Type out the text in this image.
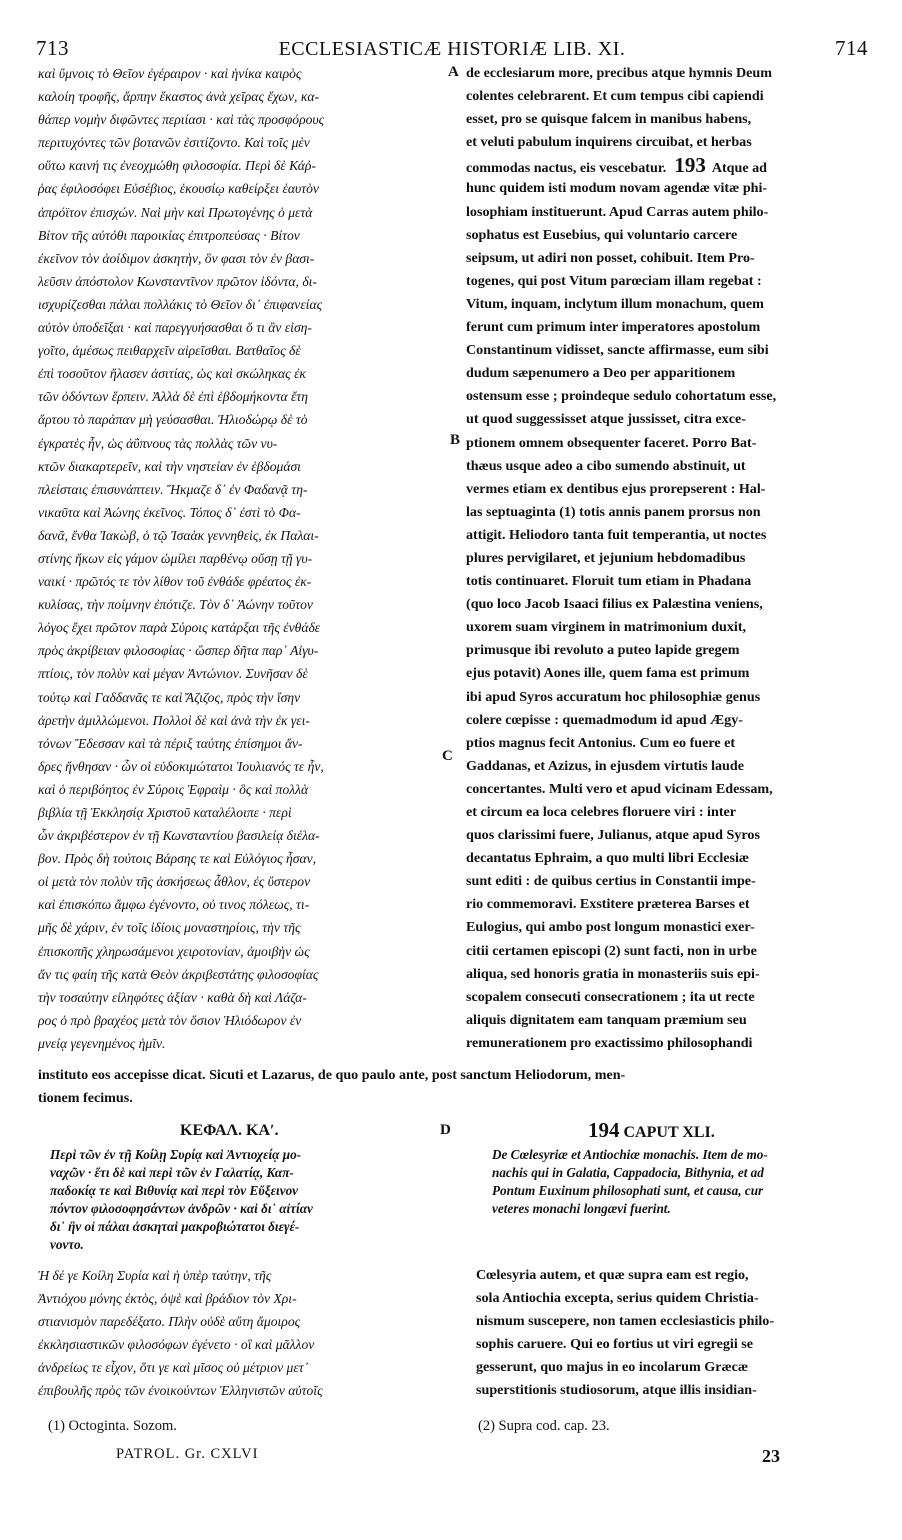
713	ECCLESIASTICÆ HISTORIÆ LIB. XI.	714
καὶ ὕμνοις τὸ Θεῖον ἐγέραιρον · καὶ ἡνίκα καιρὸς
καλοίη τροφῆς, ἄρπην ἕκαστος ἀνὰ χεῖρας ἔχων, κα-
θάπερ νομὴν διφῶντες περιίασι · καὶ τὰς προσφόρους
περιτυχόντες τῶν βοτανῶν ἐσιτίζοντο. Καὶ τοῖς μὲν
οὕτω καινή τις ἐνεοχμώθη φιλοσοφία. Περὶ δὲ Κάῤ-
ῥας ἐφιλοσόφει Εὐσέβιος, ἑκουσίῳ καθείρξει ἑαυτὸν
ἀπρόϊτον ἐπισχών. Ναὶ μὴν καὶ Πρωτογένης ὁ μετὰ
Βίτον τῆς αὐτόθι παροικίας ἐπιτροπεύσας · Βίτον
ἐκεῖνον τὸν ἀοίδιμον ἀσκητὴν, ὃν φασι τὸν ἐν βασι-
λεῦσιν ἀπόστολον Κωνσταντῖνον πρῶτον ἰδόντα, δι-
ισχυρίζεσθαι πάλαι πολλάκις τὸ Θεῖον δι᾽ ἐπιφανείας
αὐτὸν ὑποδεῖξαι · καὶ παρεγγυήσασθαι ὅ τι ἂν εἰση-
γοῖτο, ἀμέσως πειθαρχεῖν αἱρεῖσθαι. Βατθαῖος δὲ
ἐπὶ τοσοῦτον ἤλασεν ἀσιτίας, ὡς καὶ σκώληκας ἐκ
τῶν ὀδόντων ἕρπειν. Ἀλλὰ δὲ ἐπὶ ἑβδομήκοντα ἔτη
ἄρτου τὸ παράπαν μὴ γεύσασθαι. Ἡλιοδώρῳ δὲ τὸ
ἐγκρατὲς ἦν, ὡς ἀΰπνους τὰς πολλὰς τῶν νυ-
κτῶν διακαρτερεῖν, καὶ τὴν νηστείαν ἐν ἑβδομάσι
πλείσταις ἐπισυνάπτειν. Ἤκμαζε δ᾽ ἐν Φαδανᾷ τη-
νικαῦτα καὶ Ἀώνης ἐκεῖνος. Τόπος δ᾽ ἐστὶ τὸ Φα-
δανᾶ, ἔνθα Ἰακὼβ, ὁ τῷ Ἰσαὰκ γεννηθεὶς, ἐκ Παλαι-
στίνης ἥκων εἰς γάμον ὡμίλει παρθένῳ οὔσῃ τῇ γυ-
ναικί · πρῶτός τε τὸν λίθον τοῦ ἐνθάδε φρέατος ἐκ-
κυλίσας, τὴν ποίμνην ἐπότιζε. Τὸν δ᾽ Ἀώνην τοῦτον
λόγος ἔχει πρῶτον παρὰ Σύροις κατάρξαι τῆς ἐνθάδε
πρὸς ἀκρίβειαν φιλοσοφίας · ὥσπερ δῆτα παρ᾽ Αἰγυ-
πτίοις, τὸν πολὺν καὶ μέγαν Ἀντώνιον. Συνῆσαν δὲ
τούτῳ καὶ Γαδδανᾶς τε καὶ Ἄζιζος, πρὸς τὴν ἴσην
ἀρετὴν ἁμιλλώμενοι. Πολλοὶ δὲ καὶ ἀνὰ τὴν ἐκ γει-
τόνων Ἔδεσσαν καὶ τὰ πέριξ ταύτης ἐπίσημοι ἄν-
δρες ἤνθησαν · ὧν οἱ εὐδοκιμώτατοι Ἰουλιανός τε ἦν,
καὶ ὁ περιβόητος ἐν Σύροις Ἐφραὶμ · ὃς καὶ πολλὰ
βιβλία τῇ Ἐκκλησίᾳ Χριστοῦ καταλέλοιπε · περὶ
ὧν ἀκριβέστερον ἐν τῇ Κωνσταντίου βασιλείᾳ διέλα-
βον. Πρὸς δὴ τούτοις Βάρσης τε καὶ Εὐλόγιος ἦσαν,
οἱ μετὰ τὸν πολὺν τῆς ἀσκήσεως ἆθλον, ἐς ὕστερον
καὶ ἐπισκόπω ἄμφω ἐγένοντο, οὐ τινος πόλεως, τι-
μῆς δὲ χάριν, ἐν τοῖς ἰδίοις μοναστηρίοις, τὴν τῆς
ἐπισκοπῆς χληρωσάμενοι χειροτονίαν, ἀμοιβὴν ὡς
ἄν τις φαίη τῆς κατὰ Θεὸν ἀκριβεστάτης φιλοσοφίας
τὴν τοσαύτην εἰληφότες ἀξίαν · καθὰ δὴ καὶ Λάζα-
ρος ὁ πρὸ βραχέος μετὰ τὸν ὅσιον Ἡλιόδωρον ἐν
μνείᾳ γεγενημένος ἡμῖν.
de ecclesiarum more, precibus atque hymnis Deum
colentes celebrarent. Et cum tempus cibi capiendi
esset, pro se quisque falcem in manibus habens,
et veluti pabulum inquirens circuibat, et herbas
commodas nactus, eis vescebatur. 193 Atque ad
hunc quidem isti modum novam agendæ vitæ phi-
losophiam instituerunt. Apud Carras autem philo-
sophatus est Eusebius, qui voluntario carcere
seipsum, ut adiri non posset, cohibuit. Item Pro-
togenes, qui post Vitum parœciam illam regebat :
Vitum, inquam, inclytum illum monachum, quem
ferunt cum primum inter imperatores apostolum
Constantinum vidisset, sancte affirmasse, eum sibi
dudum sæpenumero a Deo per apparitionem
ostensum esse ; proindeque sedulo cohortatum esse,
ut quod suggessisset atque jussisset, citra exce-
ptionem omnem obsequenter faceret. Porro Bat-
thæus usque adeo a cibo sumendo abstinuit, ut
vermes etiam ex dentibus ejus prorepserent : Hal-
las septuaginta (1) totis annis panem prorsus non
attigit. Heliodoro tanta fuit temperantia, ut noctes
plures pervigilaret, et jejunium hebdomadibus
totis continuaret. Floruit tum etiam in Phadana
(quo loco Jacob Isaaci filius ex Palæstina veniens,
uxorem suam virginem in matrimonium duxit,
primusque ibi revoluto a puteo lapide gregem
ejus potavit) Aones ille, quem fama est primum
ibi apud Syros accuratum hoc philosophiæ genus
colere cœpisse : quemadmodum id apud Ægy-
ptios magnus fecit Antonius. Cum eo fuere et
Gaddanas, et Azizus, in ejusdem virtutis laude
concertantes. Multi vero et apud vicinam Edessam,
et circum ea loca celebres floruere viri : inter
quos clarissimi fuere, Julianus, atque apud Syros
decantatus Ephraim, a quo multi libri Ecclesiæ
sunt editi : de quibus certius in Constantii impe-
rio commemoravi. Exstitere præterea Barses et
Eulogius, qui ambo post longum monastici exer-
citii certamen episcopi (2) sunt facti, non in urbe
aliqua, sed honoris gratia in monasteriis suis epi-
scopalem consecuti consecrationem ; ita ut recte
aliquis dignitatem eam tanquam præmium seu
remunerationem pro exactissimo philosophandi
A
B
C
instituto eos accepisse dicat. Sicuti et Lazarus, de quo paulo ante, post sanctum Heliodorum, men-
tionem fecimus.
ΚΕΦΑΛ. ΚΑʹ.	D	194 CAPUT XLI.
Περὶ τῶν ἐν τῇ Κοίλῃ Συρίᾳ καὶ Ἀντιοχείᾳ μο-
ναχῶν · ἔτι δὲ καὶ περὶ τῶν ἐν Γαλατίᾳ, Καπ-
παδοκίᾳ τε καὶ Βιθυνίᾳ καὶ περὶ τὸν Εὔξεινον
πόντον φιλοσοφησάντων ἀνδρῶν · καὶ δι᾽ αἰτίαν
δι᾽ ἣν οἱ πάλαι ἀσκηταὶ μακροβιώτατοι διεγέ-
νοντο.
De Cœlesyriæ et Antiochiæ monachis. Item de mo-
nachis qui in Galatia, Cappadocia, Bithynia, et ad
Pontum Euxinum philosophati sunt, et causa, cur
veteres monachi longævi fuerint.
Ἡ δέ γε Κοίλη Συρία καὶ ἡ ὑπὲρ ταύτην, τῆς
Ἀντιόχου μόνης ἐκτὸς, ὀψὲ καὶ βράδιον τὸν Χρι-
στιανισμὸν παρεδέξατο. Πλὴν οὐδὲ αὕτη ἄμοιρος
ἐκκλησιαστικῶν φιλοσόφων ἐγένετο · οἳ καὶ μᾶλλον
ἀνδρείως τε εἶχον, ὅτι γε καὶ μῖσος οὐ μέτριον μετ᾽
ἐπιβουλῆς πρὸς τῶν ἐνοικούντων Ἑλληνιστῶν αὐτοῖς
Cœlesyria autem, et quæ supra eam est regio,
sola Antiochia excepta, serius quidem Christia-
nismum suscepere, non tamen ecclesiasticis philo-
sophis caruere. Qui eo fortius ut viri egregii se
gesserunt, quo majus in eo incolarum Græcæ
superstitionis studiosorum, atque illis insidian-
(1) Octoginta. Sozom.	(2) Supra cod. cap. 23.
PATROL. Gr. CXLVI	23
